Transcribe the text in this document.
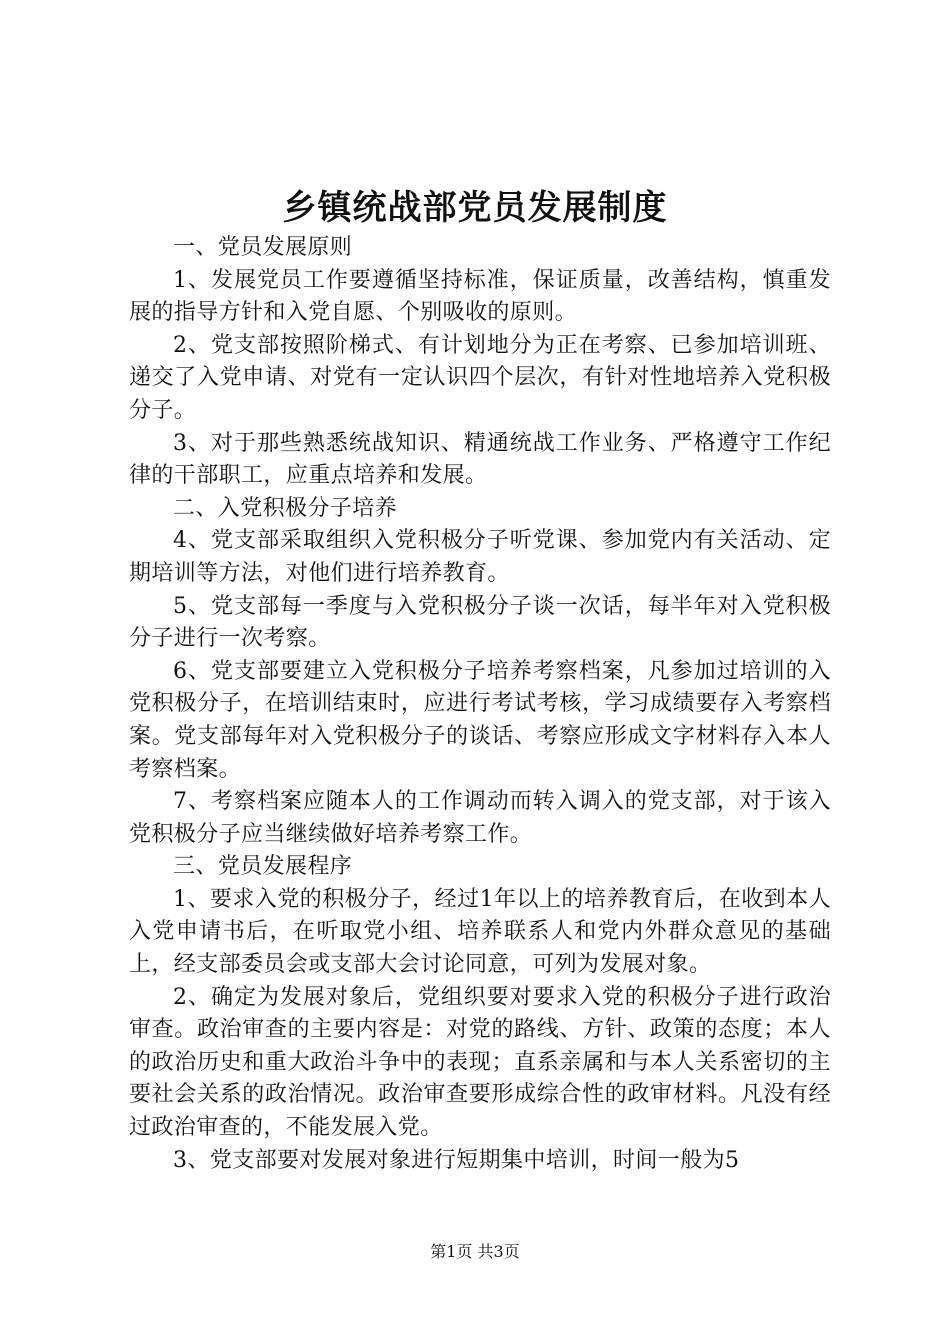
乡镇统战部党员发展制度

一、党员发展原则

1、发展党员工作要遵循坚持标准，保证质量，改善结构，慎重发展的指导方针和入党自愿、个别吸收的原则。

2、党支部按照阶梯式、有计划地分为正在考察、已参加培训班、递交了入党申请、对党有一定认识四个层次，有针对性地培养入党积极分子。

3、对于那些熟悉统战知识、精通统战工作业务、严格遵守工作纪律的干部职工，应重点培养和发展。

二、入党积极分子培养

4、党支部采取组织入党积极分子听党课、参加党内有关活动、定期培训等方法，对他们进行培养教育。

5、党支部每一季度与入党积极分子谈一次话，每半年对入党积极分子进行一次考察。

6、党支部要建立入党积极分子培养考察档案，凡参加过培训的入党积极分子，在培训结束时，应进行考试考核，学习成绩要存入考察档案。党支部每年对入党积极分子的谈话、考察应形成文字材料存入本人考察档案。

7、考察档案应随本人的工作调动而转入调入的党支部，对于该入党积极分子应当继续做好培养考察工作。

三、党员发展程序

1、要求入党的积极分子，经过1年以上的培养教育后，在收到本人入党申请书后，在听取党小组、培养联系人和党内外群众意见的基础上，经支部委员会或支部大会讨论同意，可列为发展对象。

2、确定为发展对象后，党组织要对要求入党的积极分子进行政治审查。政治审查的主要内容是：对党的路线、方针、政策的态度；本人的政治历史和重大政治斗争中的表现；直系亲属和与本人关系密切的主要社会关系的政治情况。政治审查要形成综合性的政审材料。凡没有经过政治审查的，不能发展入党。

3、党支部要对发展对象进行短期集中培训，时间一般为5

第1页 共3页
